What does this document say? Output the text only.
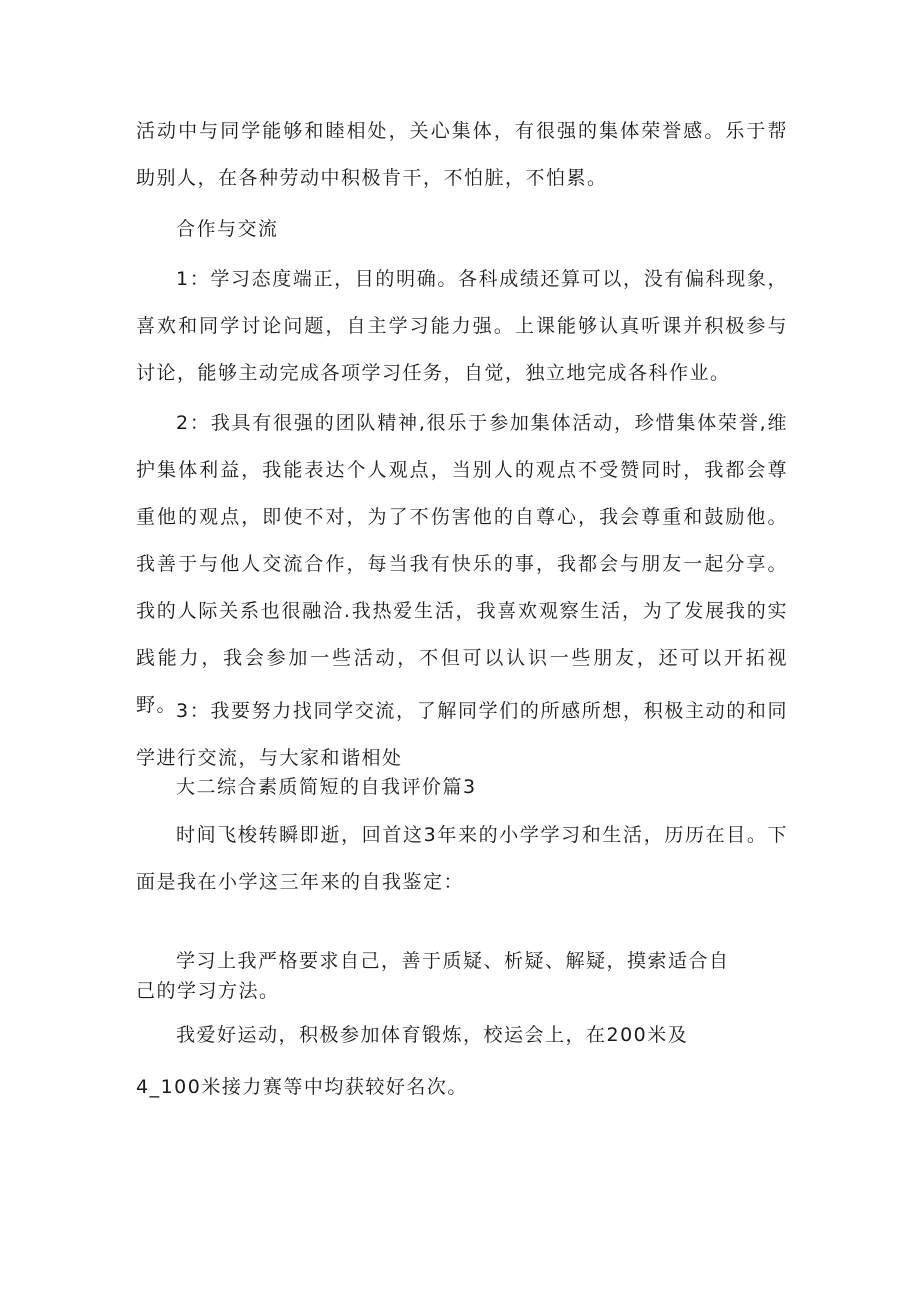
活动中与同学能够和睦相处，关心集体，有很强的集体荣誉感。乐于帮助别人，在各种劳动中积极肯干，不怕脏，不怕累。

合作与交流

1：学习态度端正，目的明确。各科成绩还算可以，没有偏科现象，喜欢和同学讨论问题，自主学习能力强。上课能够认真听课并积极参与讨论，能够主动完成各项学习任务，自觉，独立地完成各科作业。

2：我具有很强的团队精神,很乐于参加集体活动，珍惜集体荣誉,维护集体利益，我能表达个人观点，当别人的观点不受赞同时，我都会尊重他的观点，即使不对，为了不伤害他的自尊心，我会尊重和鼓励他。我善于与他人交流合作，每当我有快乐的事，我都会与朋友一起分享。我的人际关系也很融洽.我热爱生活，我喜欢观察生活，为了发展我的实践能力，我会参加一些活动，不但可以认识一些朋友，还可以开拓视野。

3：我要努力找同学交流，了解同学们的所感所想，积极主动的和同学进行交流，与大家和谐相处

大二综合素质简短的自我评价篇3

时间飞梭转瞬即逝，回首这3年来的小学学习和生活，历历在目。下面是我在小学这三年来的自我鉴定：

学习上我严格要求自己，善于质疑、析疑、解疑，摸索适合自

己的学习方法。

我爱好运动，积极参加体育锻炼，校运会上，在200米及

4_100米接力赛等中均获较好名次。
